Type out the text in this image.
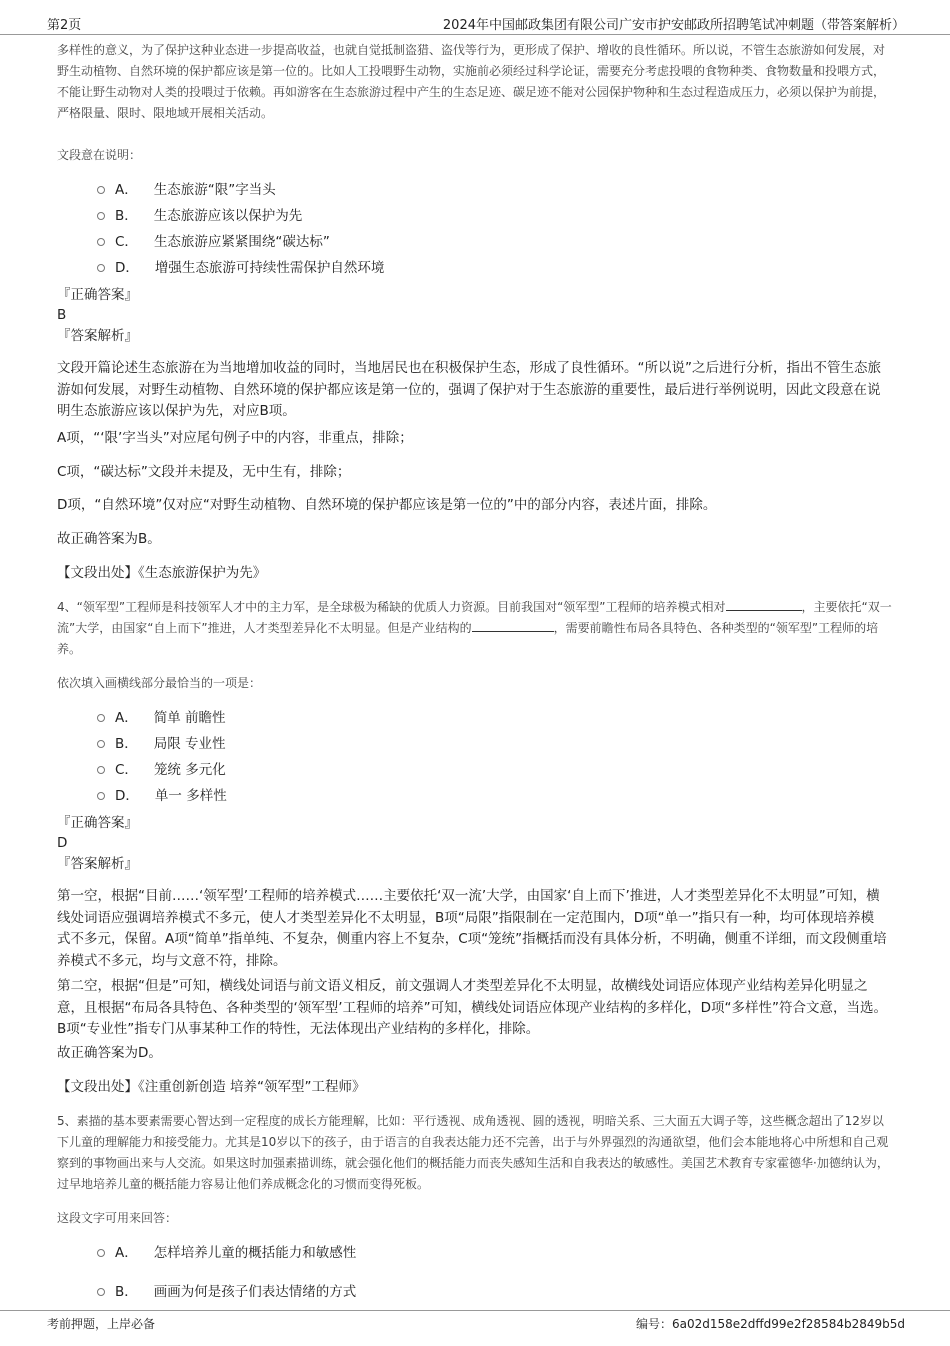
第2页	2024年中国邮政集团有限公司广安市护安邮政所招聘笔试冲刺题（带答案解析）

多样性的意义，为了保护这种业态进一步提高收益，也就自觉抵制盗猎、盗伐等行为，更形成了保护、增收的良性循环。所以说，不管生态旅游如何发展，对野生动植物、自然环境的保护都应该是第一位的。比如人工投喂野生动物，实施前必须经过科学论证，需要充分考虑投喂的食物种类、食物数量和投喂方式，不能让野生动物对人类的投喂过于依赖。再如游客在生态旅游过程中产生的生态足迹、碳足迹不能对公园保护物种和生态过程造成压力，必须以保护为前提，严格限量、限时、限地域开展相关活动。

文段意在说明：
A． 生态旅游“限”字当头
B． 生态旅游应该以保护为先
C． 生态旅游应紧紧围绕“碳达标”
D． 增强生态旅游可持续性需保护自然环境
『正确答案』
B
『答案解析』

文段开篇论述生态旅游在为当地增加收益的同时，当地居民也在积极保护生态，形成了良性循环。“所以说”之后进行分析，指出不管生态旅游如何发展，对野生动植物、自然环境的保护都应该是第一位的，强调了保护对于生态旅游的重要性，最后进行举例说明，因此文段意在说明生态旅游应该以保护为先，对应B项。

A项，“‘限’字当头”对应尾句例子中的内容，非重点，排除；

C项，“碳达标”文段并未提及，无中生有，排除；

D项，“自然环境”仅对应“对野生动植物、自然环境的保护都应该是第一位的”中的部分内容，表述片面，排除。

故正确答案为B。

【文段出处】《生态旅游保护为先》

4、“领军型”工程师是科技领军人才中的主力军，是全球极为稀缺的优质人力资源。目前我国对“领军型”工程师的培养模式相对	，主要依托“双一流”大学，由国家“自上而下”推进，人才类型差异化不太明显。但是产业结构的	，需要前瞻性布局各具特色、各种类型的“领军型”工程师的培养。

依次填入画横线部分最恰当的一项是：
A． 简单 前瞻性
B． 局限 专业性
C． 笼统 多元化
D． 单一 多样性
『正确答案』
D
『答案解析』

第一空，根据“目前……‘领军型’工程师的培养模式……主要依托‘双一流’大学，由国家‘自上而下’推进，人才类型差异化不太明显”可知，横线处词语应强调培养模式不多元，使人才类型差异化不太明显，B项“局限”指限制在一定范围内，D项“单一”指只有一种，均可体现培养模式不多元，保留。A项“简单”指单纯、不复杂，侧重内容上不复杂，C项“笼统”指概括而没有具体分析，不明确，侧重不详细，而文段侧重培养模式不多元，均与文意不符，排除。

第二空，根据“但是”可知，横线处词语与前文语义相反，前文强调人才类型差异化不太明显，故横线处词语应体现产业结构差异化明显之意，且根据“布局各具特色、各种类型的‘领军型’工程师的培养”可知，横线处词语应体现产业结构的多样化，D项“多样性”符合文意，当选。B项“专业性”指专门从事某种工作的特性，无法体现出产业结构的多样化，排除。

故正确答案为D。

【文段出处】《注重创新创造 培养“领军型”工程师》

5、素描的基本要素需要心智达到一定程度的成长方能理解，比如：平行透视、成角透视、圆的透视，明暗关系、三大面五大调子等，这些概念超出了12岁以下儿童的理解能力和接受能力。尤其是10岁以下的孩子，由于语言的自我表达能力还不完善，出于与外界强烈的沟通欲望，他们会本能地将心中所想和自己观察到的事物画出来与人交流。如果这时加强素描训练，就会强化他们的概括能力而丧失感知生活和自我表达的敏感性。美国艺术教育专家霍德华·加德纳认为，过早地培养儿童的概括能力容易让他们养成概念化的习惯而变得死板。

这段文字可用来回答：
A． 怎样培养儿童的概括能力和敏感性
B． 画画为何是孩子们表达情绪的方式
考前押题，上岸必备	编号：6a02d158e2dffd99e2f28584b2849b5d
